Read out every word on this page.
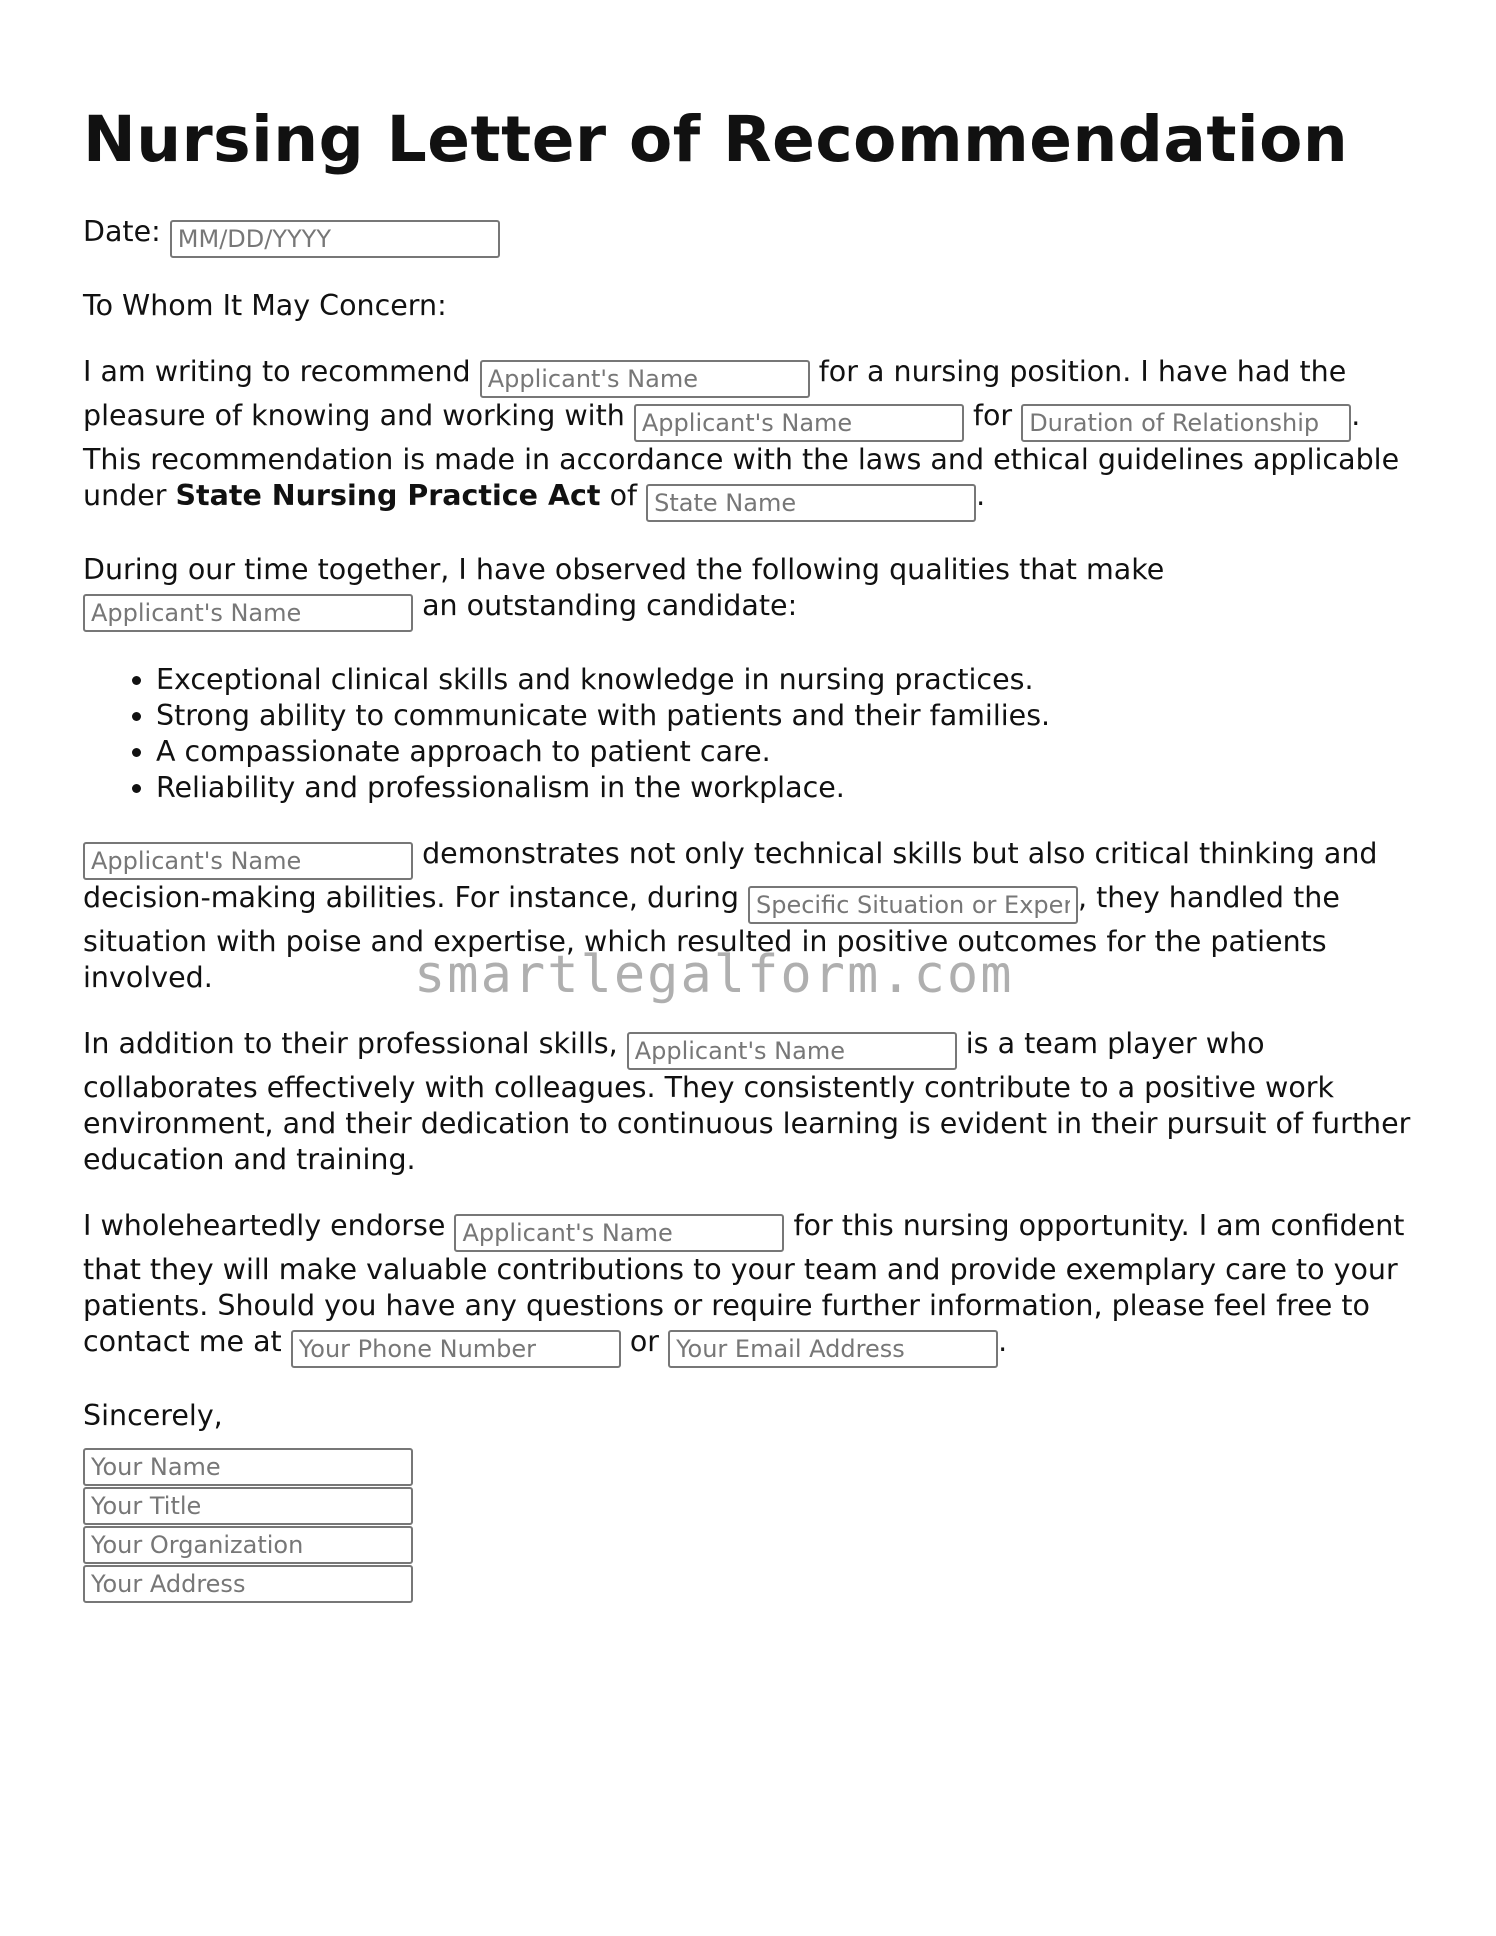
Nursing Letter of Recommendation

Date: MM/DD/YYYY

To Whom It May Concern:

I am writing to recommend Applicant's Name	for a nursing position. I have had the pleasure of knowing and working with Applicant's Name	for Duration of Relationship	. This recommendation is made in accordance with the laws and ethical guidelines applicable under State Nursing Practice Act of State Name	.

During our time together, I have observed the following qualities that make Applicant's Name an outstanding candidate:

• Exceptional clinical skills and knowledge in nursing practices.
• Strong ability to communicate with patients and their families.
• A compassionate approach to patient care.
• Reliability and professionalism in the workplace.

Applicant's Name demonstrates not only technical skills but also critical thinking and decision-making abilities. For instance, during Specific Situation or Experience	, they handled the situation with poise and expertise, which resulted in positive outcomes for the patients involved.

In addition to their professional skills, Applicant's Name	is a team player who collaborates effectively with colleagues. They consistently contribute to a positive work environment, and their dedication to continuous learning is evident in their pursuit of further education and training.

I wholeheartedly endorse Applicant's Name	for this nursing opportunity. I am confident that they will make valuable contributions to your team and provide exemplary care to your patients. Should you have any questions or require further information, please feel free to contact me at Your Phone Number	or Your Email Address	.

Sincerely,

Your Name
Your Title
Your Organization
Your Address
smartlegalform.com
